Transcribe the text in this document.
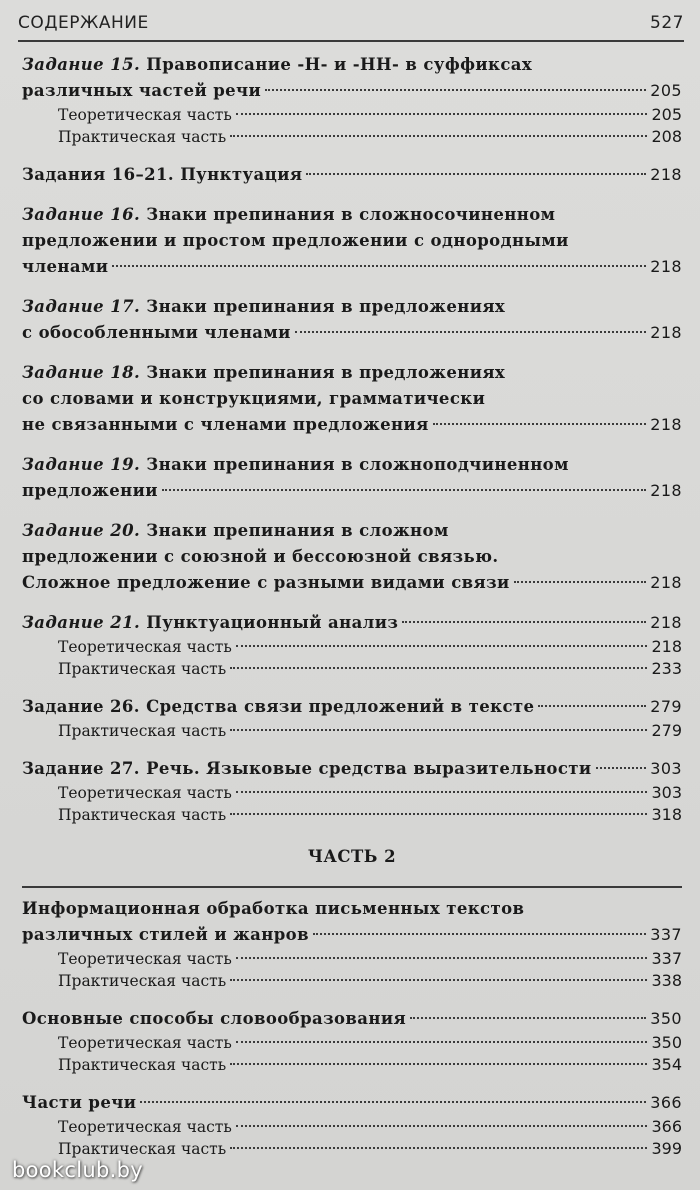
СОДЕРЖАНИЕ	527
Задание 15.
Правописание -Н- и -НН- в суффиксах
различных частей речи	205
Теоретическая часть	205
Практическая часть	208
Задания 16–21. Пунктуация	218
Задание 16.
Знаки препинания в сложносочиненном
предложении и простом предложении с однородными
членами	218
Задание 17.
Знаки препинания в предложениях
с обособленными членами	218
Задание 18.
Знаки препинания в предложениях
со словами и конструкциями, грамматически
не связанными с членами предложения	218
Задание 19.
Знаки препинания в сложноподчиненном
предложении	218
Задание 20.
Знаки препинания в сложном
предложении с союзной и бессоюзной связью.
Сложное предложение с разными видами связи	218
Задание 21.
Пунктуационный анализ	218
Теоретическая часть	218
Практическая часть	233
Задание 26. Средства связи предложений в тексте	279
Практическая часть	279
Задание 27. Речь. Языковые средства выразительности	303
Теоретическая часть	303
Практическая часть	318
ЧАСТЬ 2
Информационная обработка письменных текстов
различных стилей и жанров	337
Теоретическая часть	337
Практическая часть	338
Основные способы словообразования	350
Теоретическая часть	350
Практическая часть	354
Части речи	366
Теоретическая часть	366
Практическая часть	399
bookclub.by
